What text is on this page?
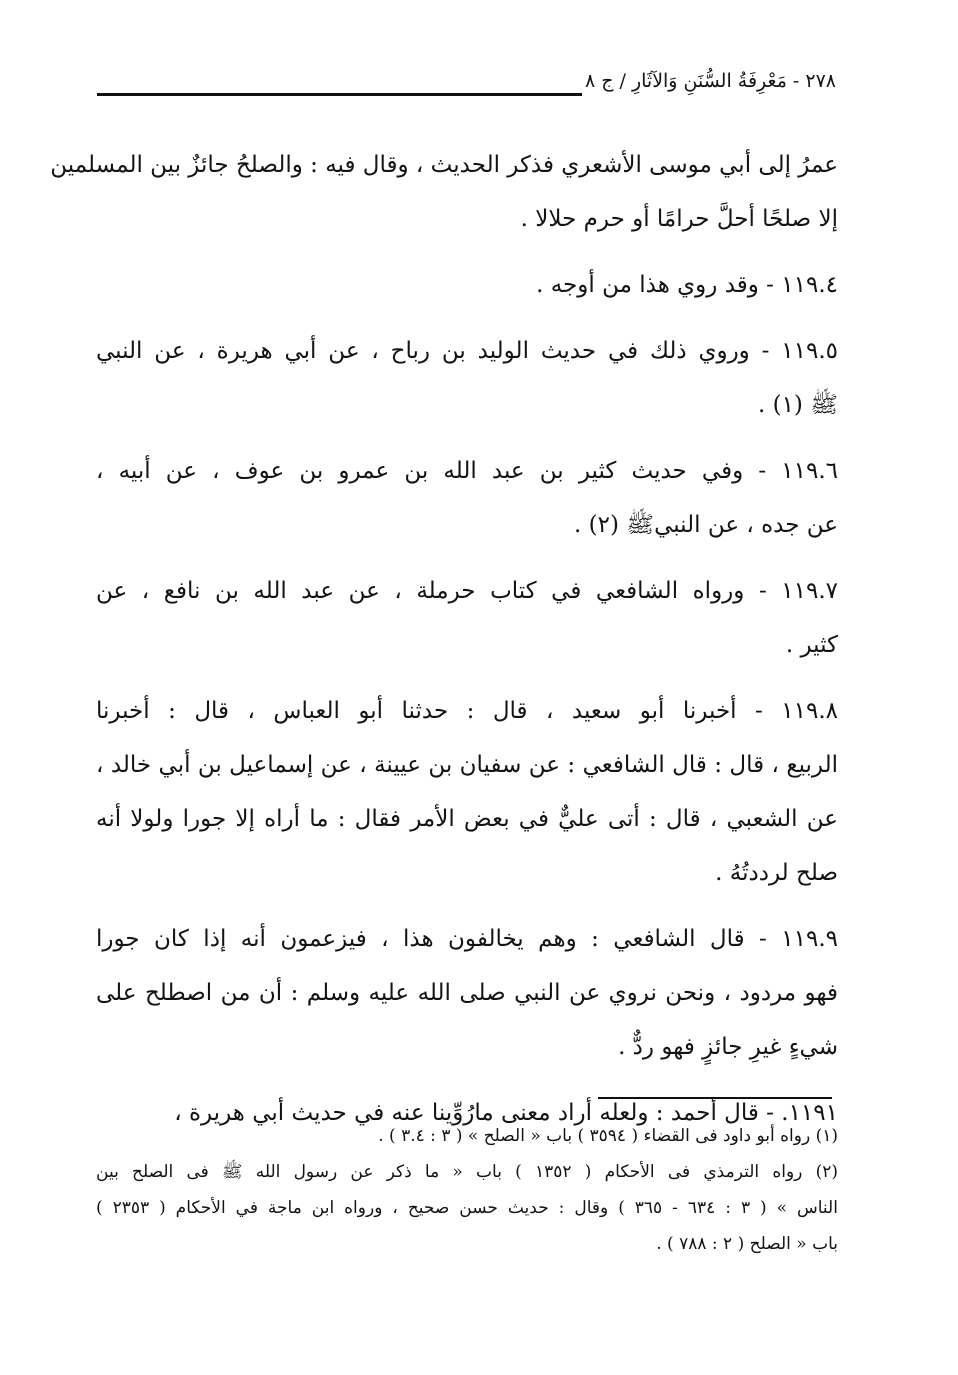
٢٧٨ - مَعْرِفَةُ السُّنَنِ وَالآثَارِ / ج ٨
عمرُ إلى أبي موسى الأشعري فذكر الحديث ، وقال فيه : والصلحُ جائزٌ بين المسلمين
إلا صلحًا أحلَّ حرامًا أو حرم حلالا .
١١٩.٤ - وقد روي هذا من أوجه .
١١٩.٥ - وروي ذلك في حديث الوليد بن رباح ، عن أبي هريرة ، عن النبي
ﷺ (١) .
١١٩.٦ - وفي حديث كثير بن عبد الله بن عمرو بن عوف ، عن أبيه ،
عن جده ، عن النبيﷺ (٢) .
١١٩.٧ - ورواه الشافعي في كتاب حرملة ، عن عبد الله بن نافع ، عن
كثير .
١١٩.٨ - أخبرنا أبو سعيد ، قال : حدثنا أبو العباس ، قال : أخبرنا
الربيع ، قال : قال الشافعي : عن سفيان بن عيينة ، عن إسماعيل بن أبي خالد ،
عن الشعبي ، قال : أتى عليٌّ في بعض الأمر فقال : ما أراه إلا جورا ولولا أنه
صلح لرددتُهُ .
١١٩.٩ - قال الشافعي : وهم يخالفون هذا ، فيزعمون أنه إذا كان جورا
فهو مردود ، ونحن نروي عن النبي صلى الله عليه وسلم : أن من اصطلح على
شيءٍ غيرِ جائزٍ فهو ردٌّ .
١١٩١. - قال أحمد : ولعله أراد معنى مارُوِّينا عنه في حديث أبي هريرة ،
(١) رواه أبو داود فى القضاء ( ٣٥٩٤ ) باب « الصلح » ( ٣ : ٣.٤ ) .
(٢) رواه الترمذي فى الأحكام ( ١٣٥٢ ) باب « ما ذكر عن رسول الله ﷺ فى الصلح بين
الناس » ( ٣ : ٦٣٤ - ٣٦٥ ) وقال : حديث حسن صحيح ، ورواه ابن ماجة في الأحكام ( ٢٣٥٣ )
باب « الصلح ( ٢ : ٧٨٨ ) .
